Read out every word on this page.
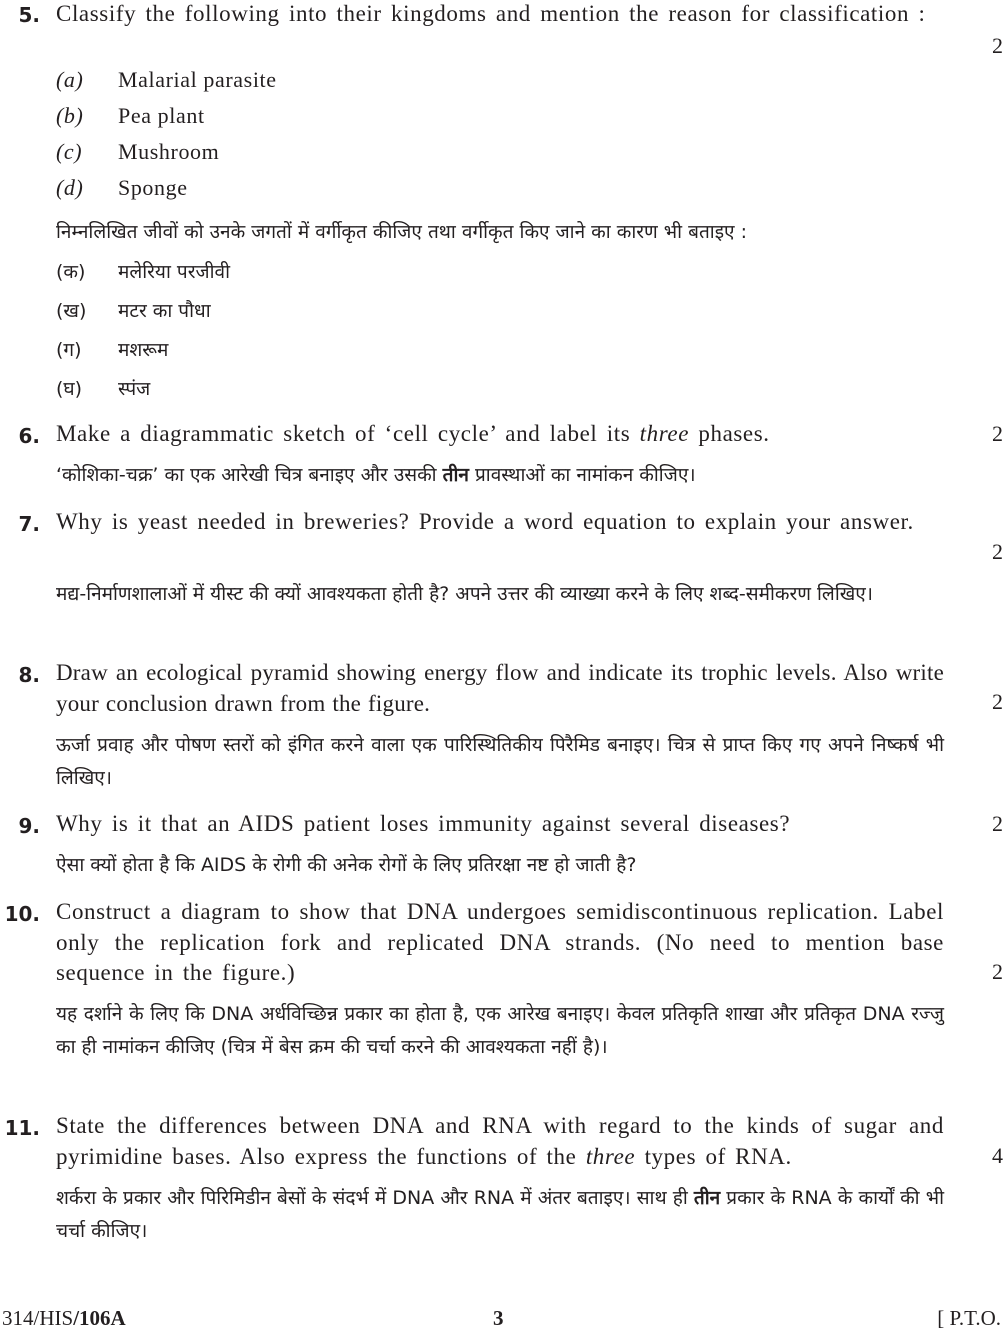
5. Classify the following into their kingdoms and mention the reason for classification :
2
(a) Malarial parasite
(b) Pea plant
(c) Mushroom
(d) Sponge
निम्नलिखित जीवों को उनके जगतों में वर्गीकृत कीजिए तथा वर्गीकृत किए जाने का कारण भी बताइए :
(क) मलेरिया परजीवी
(ख) मटर का पौधा
(ग) मशरूम
(घ) स्पंज
6. Make a diagrammatic sketch of ‘cell cycle’ and label its three phases.	2
‘कोशिका-चक्र’ का एक आरेखी चित्र बनाइए और उसकी तीन प्रावस्थाओं का नामांकन कीजिए।
7. Why is yeast needed in breweries? Provide a word equation to explain your answer.
2
मद्य-निर्माणशालाओं में यीस्ट की क्यों आवश्यकता होती है? अपने उत्तर की व्याख्या करने के लिए शब्द-समीकरण लिखिए।
8. Draw an ecological pyramid showing energy flow and indicate its trophic levels. Also write your conclusion drawn from the figure.	2
ऊर्जा प्रवाह और पोषण स्तरों को इंगित करने वाला एक पारिस्थितिकीय पिरैमिड बनाइए। चित्र से प्राप्त किए गए अपने निष्कर्ष भी लिखिए।
9. Why is it that an AIDS patient loses immunity against several diseases?	2
ऐसा क्यों होता है कि AIDS के रोगी की अनेक रोगों के लिए प्रतिरक्षा नष्ट हो जाती है?
10. Construct a diagram to show that DNA undergoes semidiscontinuous replication. Label only the replication fork and replicated DNA strands. (No need to mention base sequence in the figure.)	2
यह दर्शाने के लिए कि DNA अर्धविच्छिन्न प्रकार का होता है, एक आरेख बनाइए। केवल प्रतिकृति शाखा और प्रतिकृत DNA रज्जु का ही नामांकन कीजिए (चित्र में बेस क्रम की चर्चा करने की आवश्यकता नहीं है)।
11. State the differences between DNA and RNA with regard to the kinds of sugar and pyrimidine bases. Also express the functions of the three types of RNA.	4
शर्करा के प्रकार और पिरिमिडीन बेसों के संदर्भ में DNA और RNA में अंतर बताइए। साथ ही तीन प्रकार के RNA के कार्यों की भी चर्चा कीजिए।
314/HIS/106A	3	[ P.T.O.
